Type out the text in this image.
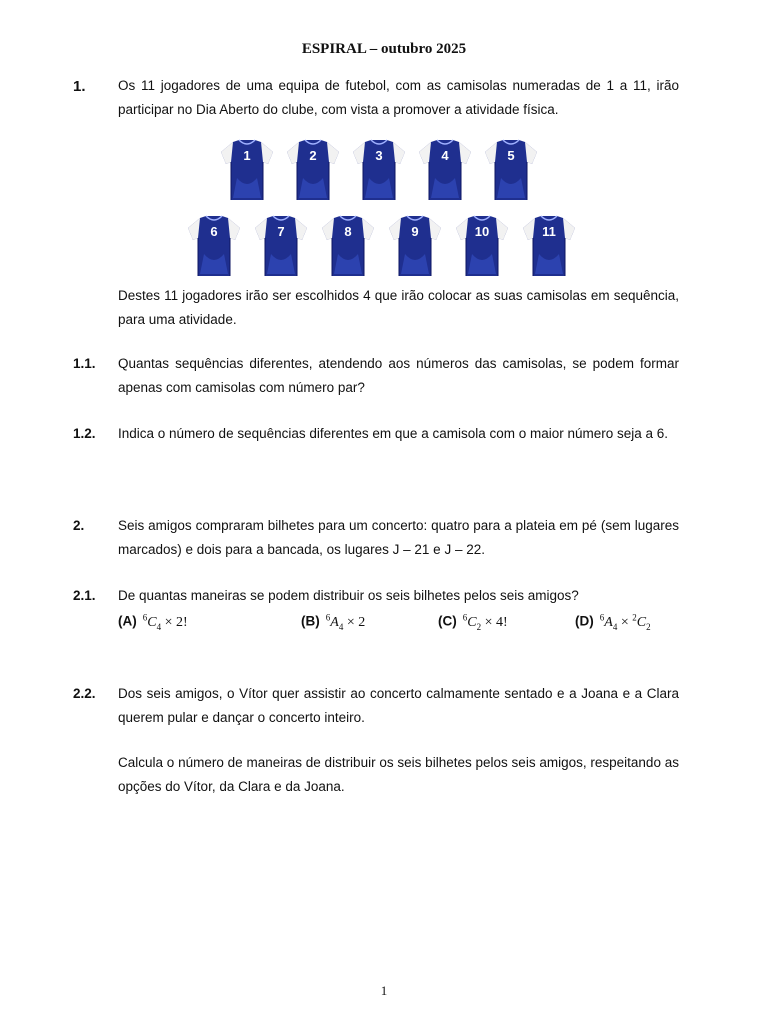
ESPIRAL – outubro 2025
1. Os 11 jogadores de uma equipa de futebol, com as camisolas numeradas de 1 a 11, irão participar no Dia Aberto do clube, com vista a promover a atividade física.
1	2	3	4	5
6	7	8	9	10	11
Destes 11 jogadores irão ser escolhidos 4 que irão colocar as suas camisolas em sequência, para uma atividade.
1.1. Quantas sequências diferentes, atendendo aos números das camisolas, se podem formar apenas com camisolas com número par?
1.2. Indica o número de sequências diferentes em que a camisola com o maior número seja a 6.
2. Seis amigos compraram bilhetes para um concerto: quatro para a plateia em pé (sem lugares marcados) e dois para a bancada, os lugares J – 21 e J – 22.
2.1. De quantas maneiras se podem distribuir os seis bilhetes pelos seis amigos?
(A) $^6C_4 \times 2$!	(B) $^6A_4 \times 2$	(C) $^6C_2 \times 4$!	(D) $^6A_4 \times ^2C_2$
2.2. Dos seis amigos, o Vítor quer assistir ao concerto calmamente sentado e a Joana e a Clara querem pular e dançar o concerto inteiro.
Calcula o número de maneiras de distribuir os seis bilhetes pelos seis amigos, respeitando as opções do Vítor, da Clara e da Joana.
1
